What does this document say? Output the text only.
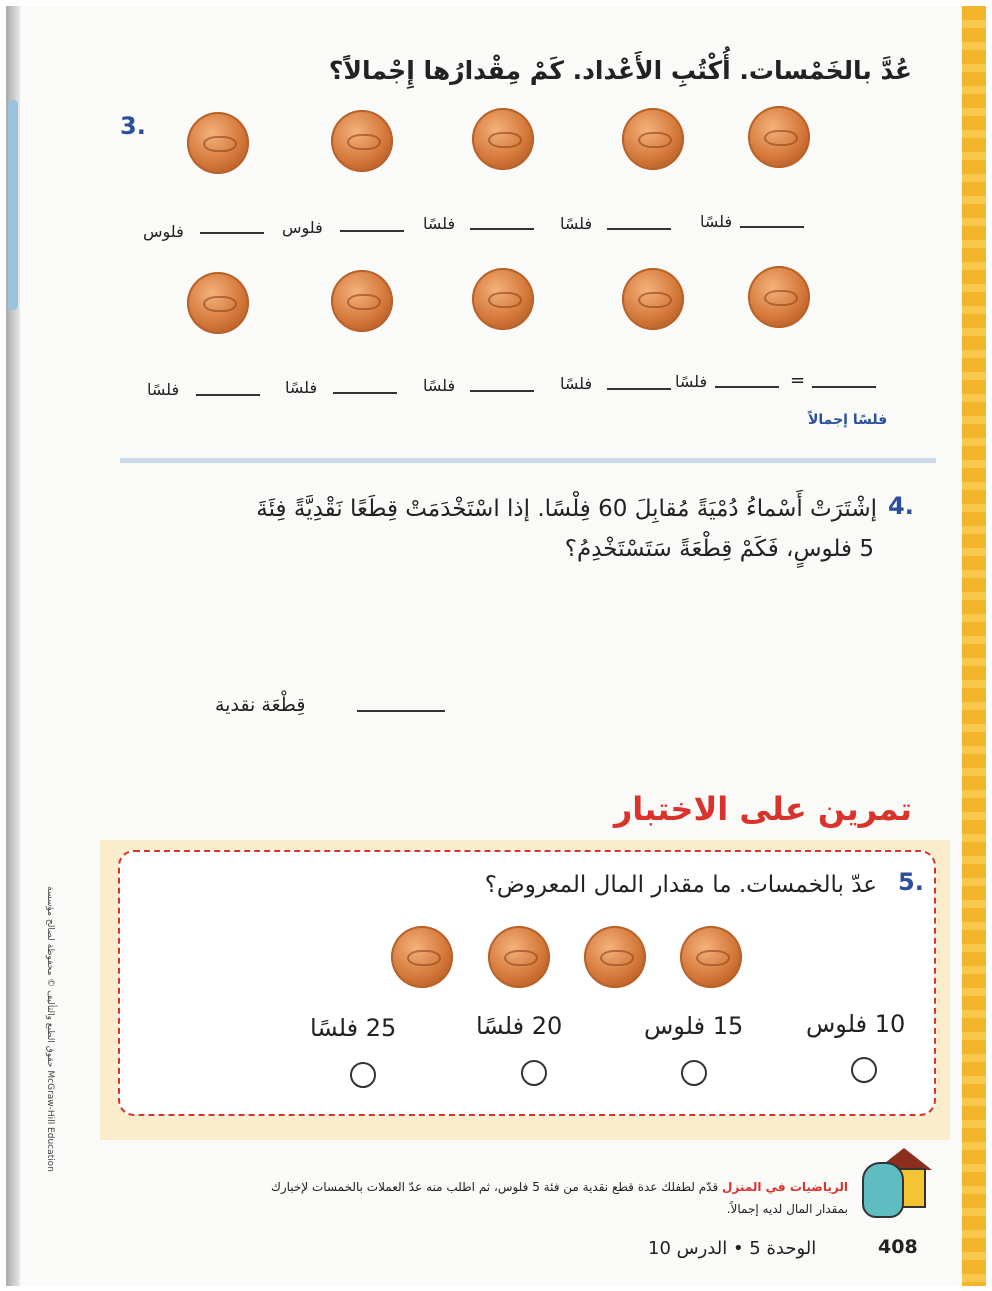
عُدَّ بالخَمْسات. أُكْتُبِ الأَعْداد. كَمْ مِقْدارُها إِجْمالاً؟
3.
فلسًا
فلسًا
فلسًا
فلوس
فلوس
=
فلسًا
فلسًا
فلسًا
فلسًا
فلسًا
فلسًا إجمالاً
4.
إشْتَرَتْ أَسْماءُ دُمْيَةً مُقابِلَ 60 فِلْسًا. إذا اسْتَخْدَمَتْ قِطَعًا نَقْدِيَّةً فِئَةَ
5 فلوسٍ، فَكَمْ قِطْعَةً سَتَسْتَخْدِمُ؟
قِطْعَة نقدية
تمرين على الاختبار
5.
عدّ بالخمسات. ما مقدار المال المعروض؟
10 فلوس
15 فلوس
20 فلسًا
25 فلسًا
الرياضيات في المنزل قدّم لطفلك عدة قطع نقدية من فئة 5 فلوس، ثم اطلب منه عدّ العملات بالخمسات لإخبارك بمقدار المال لديه إجمالاً.
408
الوحدة 5 • الدرس 10
حقوق الطبع والتأليف © محفوظة لصالح مؤسسة McGraw-Hill Education
